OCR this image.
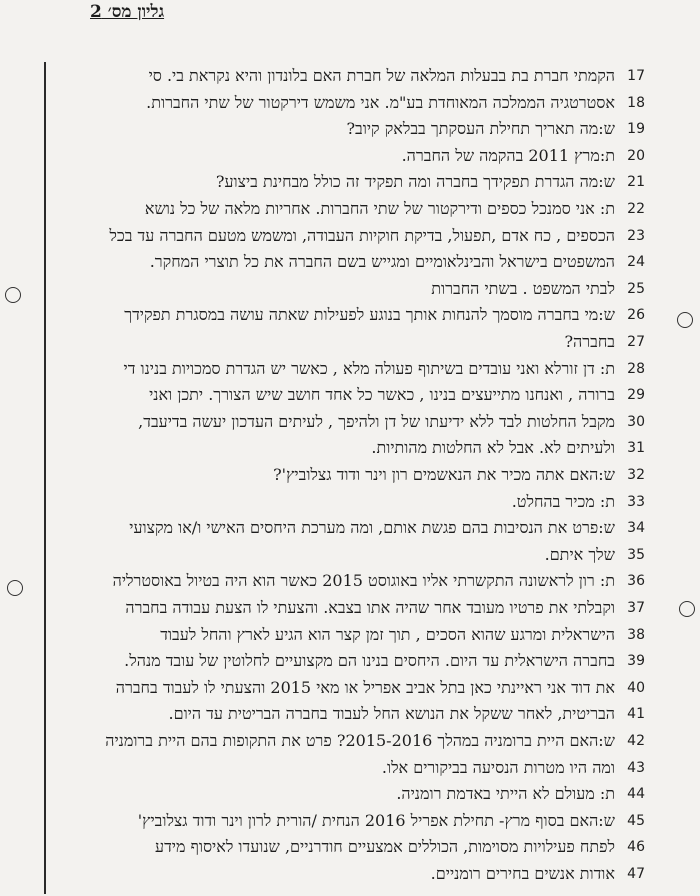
גליון מס׳ 2
הקמתי חברת בת בבעלות המלאה של חברת האם בלונדון והיא נקראת בי. סי 17
אסטרטגיה הממלכה המאוחדת בע"מ. אני משמש דירקטור של שתי החברות. 18
ש:מה תאריך תחילת העסקתך בבלאק קיוב? 19
ת:מרץ 2011 בהקמה של החברה. 20
ש:מה הגדרת תפקידך בחברה ומה תפקיד זה כולל מבחינת ביצוע? 21
ת: אני סמנכל כספים ודירקטור של שתי החברות. אחריות מלאה של כל נושא 22
הכספים , כח אדם ,תפעול, בדיקת חוקיות העבודה, ומשמש מטעם החברה עד בכל 23
המשפטים בישראל והבינלאומיים ומגייש בשם החברה את כל תוצרי המחקר. 24
לבתי המשפט . בשתי החברות 25
ש:מי בחברה מוסמך להנחות אותך בנוגע לפעילות שאתה עושה במסגרת תפקידך 26
בחברה? 27
ת: דן זורלא ואני עובדים בשיתוף פעולה מלא , כאשר יש הגדרת סמכויות בנינו די 28
ברורה , ואנחנו מתייעצים בנינו , כאשר כל אחד חושב שיש הצורך. יתכן ואני 29
מקבל החלטות לבד ללא ידיעתו של דן ולהיפך , לעיתים העדכון יעשה בדיעבד, 30
ולעיתים לא. אבל לא החלטות מהותיות. 31
ש:האם אתה מכיר את הנאשמים רון וינר ודוד גצלוביץ'? 32
ת: מכיר בהחלט. 33
ש:פרט את הנסיבות בהם פגשת אותם, ומה מערכת היחסים האישי ו/או מקצועי 34
שלך איתם. 35
ת: רון לראשונה התקשרתי אליו באוגוסט 2015 כאשר הוא היה בטיול באוסטרליה 36
וקבלתי את פרטיו מעובד אחר שהיה אתו בצבא. והצעתי לו הצעת עבודה בחברה 37
הישראלית ומרגע שהוא הסכים , תוך זמן קצר הוא הגיע לארץ והחל לעבוד 38
בחברה הישראלית עד היום. היחסים בנינו הם מקצועיים לחלוטין של עובד מנהל. 39
את דוד אני ראיינתי כאן בתל אביב אפריל או מאי 2015 והצעתי לו לעבוד בחברה 40
הבריטית, לאחר ששקל את הנושא החל לעבוד בחברה הבריטית עד היום. 41
ש:האם היית ברומניה במהלך 2015-2016? פרט את התקופות בהם היית ברומניה 42
ומה היו מטרות הנסיעה בביקורים אלו. 43
ת: מעולם לא הייתי באדמת רומניה. 44
ש:האם בסוף מרץ- תחילת אפריל 2016 הנחית /הורית לרון וינר ודוד גצלוביץ' 45
לפתח פעילויות מסוימות, הכוללים אמצעיים חודרניים, שנועדו לאיסוף מידע 46
אודות אנשים בחירים רומניים. 47
